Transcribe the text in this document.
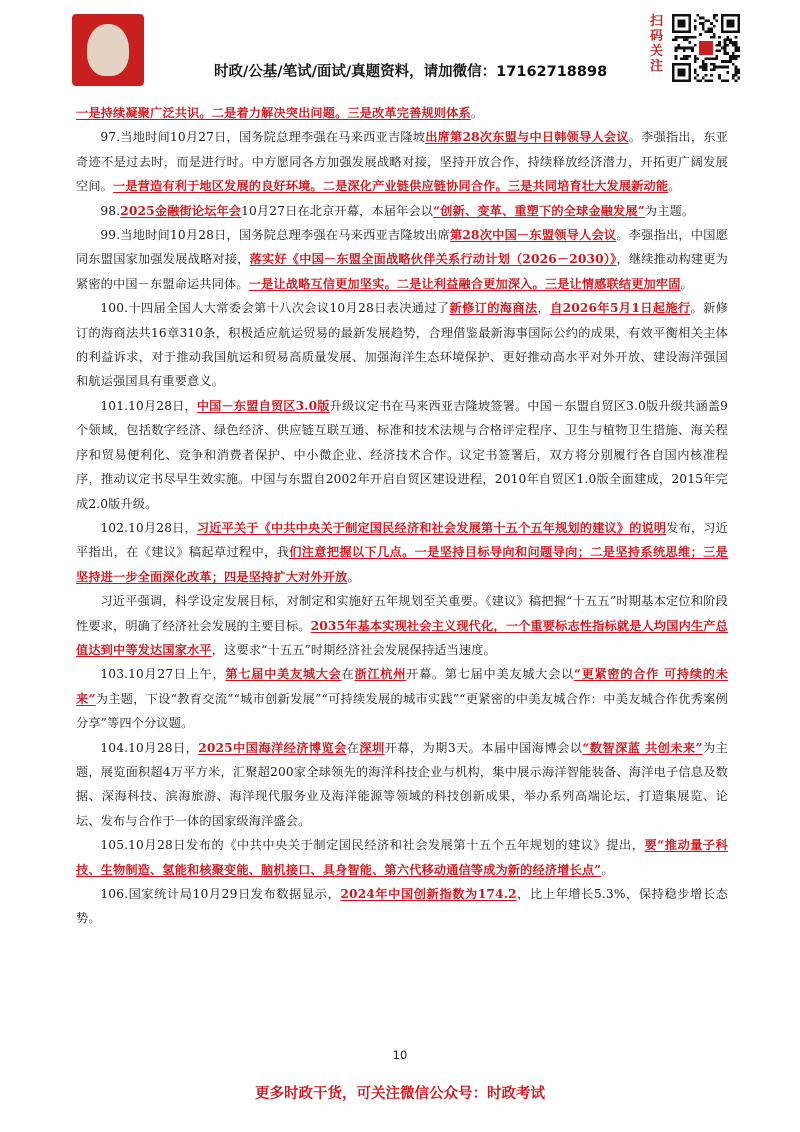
时政/公基/笔试/面试/真题资料，请加微信：17162718898
扫码关注

一是持续凝聚广泛共识。二是着力解决突出问题。三是改革完善规则体系。

97.当地时间10月27日，国务院总理李强在马来西亚吉隆坡出席第28次东盟与中日韩领导人会议。李强指出，东亚奇迹不是过去时，而是进行时。中方愿同各方加强发展战略对接，坚持开放合作，持续释放经济潜力，开拓更广阔发展空间。一是营造有利于地区发展的良好环境。二是深化产业链供应链协同合作。三是共同培育壮大发展新动能。

98.2025金融街论坛年会10月27日在北京开幕，本届年会以“创新、变革、重塑下的全球金融发展”为主题。

99.当地时间10月28日，国务院总理李强在马来西亚吉隆坡出席第28次中国－东盟领导人会议。李强指出，中国愿同东盟国家加强发展战略对接，落实好《中国－东盟全面战略伙伴关系行动计划（2026－2030）》，继续推动构建更为紧密的中国－东盟命运共同体。一是让战略互信更加坚实。二是让利益融合更加深入。三是让情感联结更加牢固。

100.十四届全国人大常委会第十八次会议10月28日表决通过了新修订的海商法，自2026年5月1日起施行。新修订的海商法共16章310条，积极适应航运贸易的最新发展趋势，合理借鉴最新海事国际公约的成果，有效平衡相关主体的利益诉求，对于推动我国航运和贸易高质量发展、加强海洋生态环境保护、更好推动高水平对外开放、建设海洋强国和航运强国具有重要意义。

101.10月28日，中国－东盟自贸区3.0版升级议定书在马来西亚吉隆坡签署。中国－东盟自贸区3.0版升级共涵盖9个领域，包括数字经济、绿色经济、供应链互联互通、标准和技术法规与合格评定程序、卫生与植物卫生措施、海关程序和贸易便利化、竞争和消费者保护、中小微企业、经济技术合作。议定书签署后，双方将分别履行各自国内核准程序，推动议定书尽早生效实施。中国与东盟自2002年开启自贸区建设进程，2010年自贸区1.0版全面建成，2015年完成2.0版升级。

102.10月28日，习近平关于《中共中央关于制定国民经济和社会发展第十五个五年规划的建议》的说明发布，习近平指出，在《建议》稿起草过程中，我们注意把握以下几点。一是坚持目标导向和问题导向；二是坚持系统思维；三是坚持进一步全面深化改革；四是坚持扩大对外开放。

习近平强调，科学设定发展目标，对制定和实施好五年规划至关重要。《建议》稿把握“十五五”时期基本定位和阶段性要求，明确了经济社会发展的主要目标。2035年基本实现社会主义现代化，一个重要标志性指标就是人均国内生产总值达到中等发达国家水平，这要求“十五五”时期经济社会发展保持适当速度。

103.10月27日上午，第七届中美友城大会在浙江杭州开幕。第七届中美友城大会以“更紧密的合作 可持续的未来”为主题，下设“教育交流”“城市创新发展”“可持续发展的城市实践”“更紧密的中美友城合作：中美友城合作优秀案例分享”等四个分议题。

104.10月28日，2025中国海洋经济博览会在深圳开幕，为期3天。本届中国海博会以“数智深蓝 共创未来”为主题，展览面积超4万平方米，汇聚超200家全球领先的海洋科技企业与机构，集中展示海洋智能装备、海洋电子信息及数据、深海科技、滨海旅游、海洋现代服务业及海洋能源等领域的科技创新成果，举办系列高端论坛，打造集展览、论坛、发布与合作于一体的国家级海洋盛会。

105.10月28日发布的《中共中央关于制定国民经济和社会发展第十五个五年规划的建议》提出，要“推动量子科技、生物制造、氢能和核聚变能、脑机接口、具身智能、第六代移动通信等成为新的经济增长点”。

106.国家统计局10月29日发布数据显示，2024年中国创新指数为174.2，比上年增长5.3%，保持稳步增长态势。

10
更多时政干货，可关注微信公众号：时政考试
